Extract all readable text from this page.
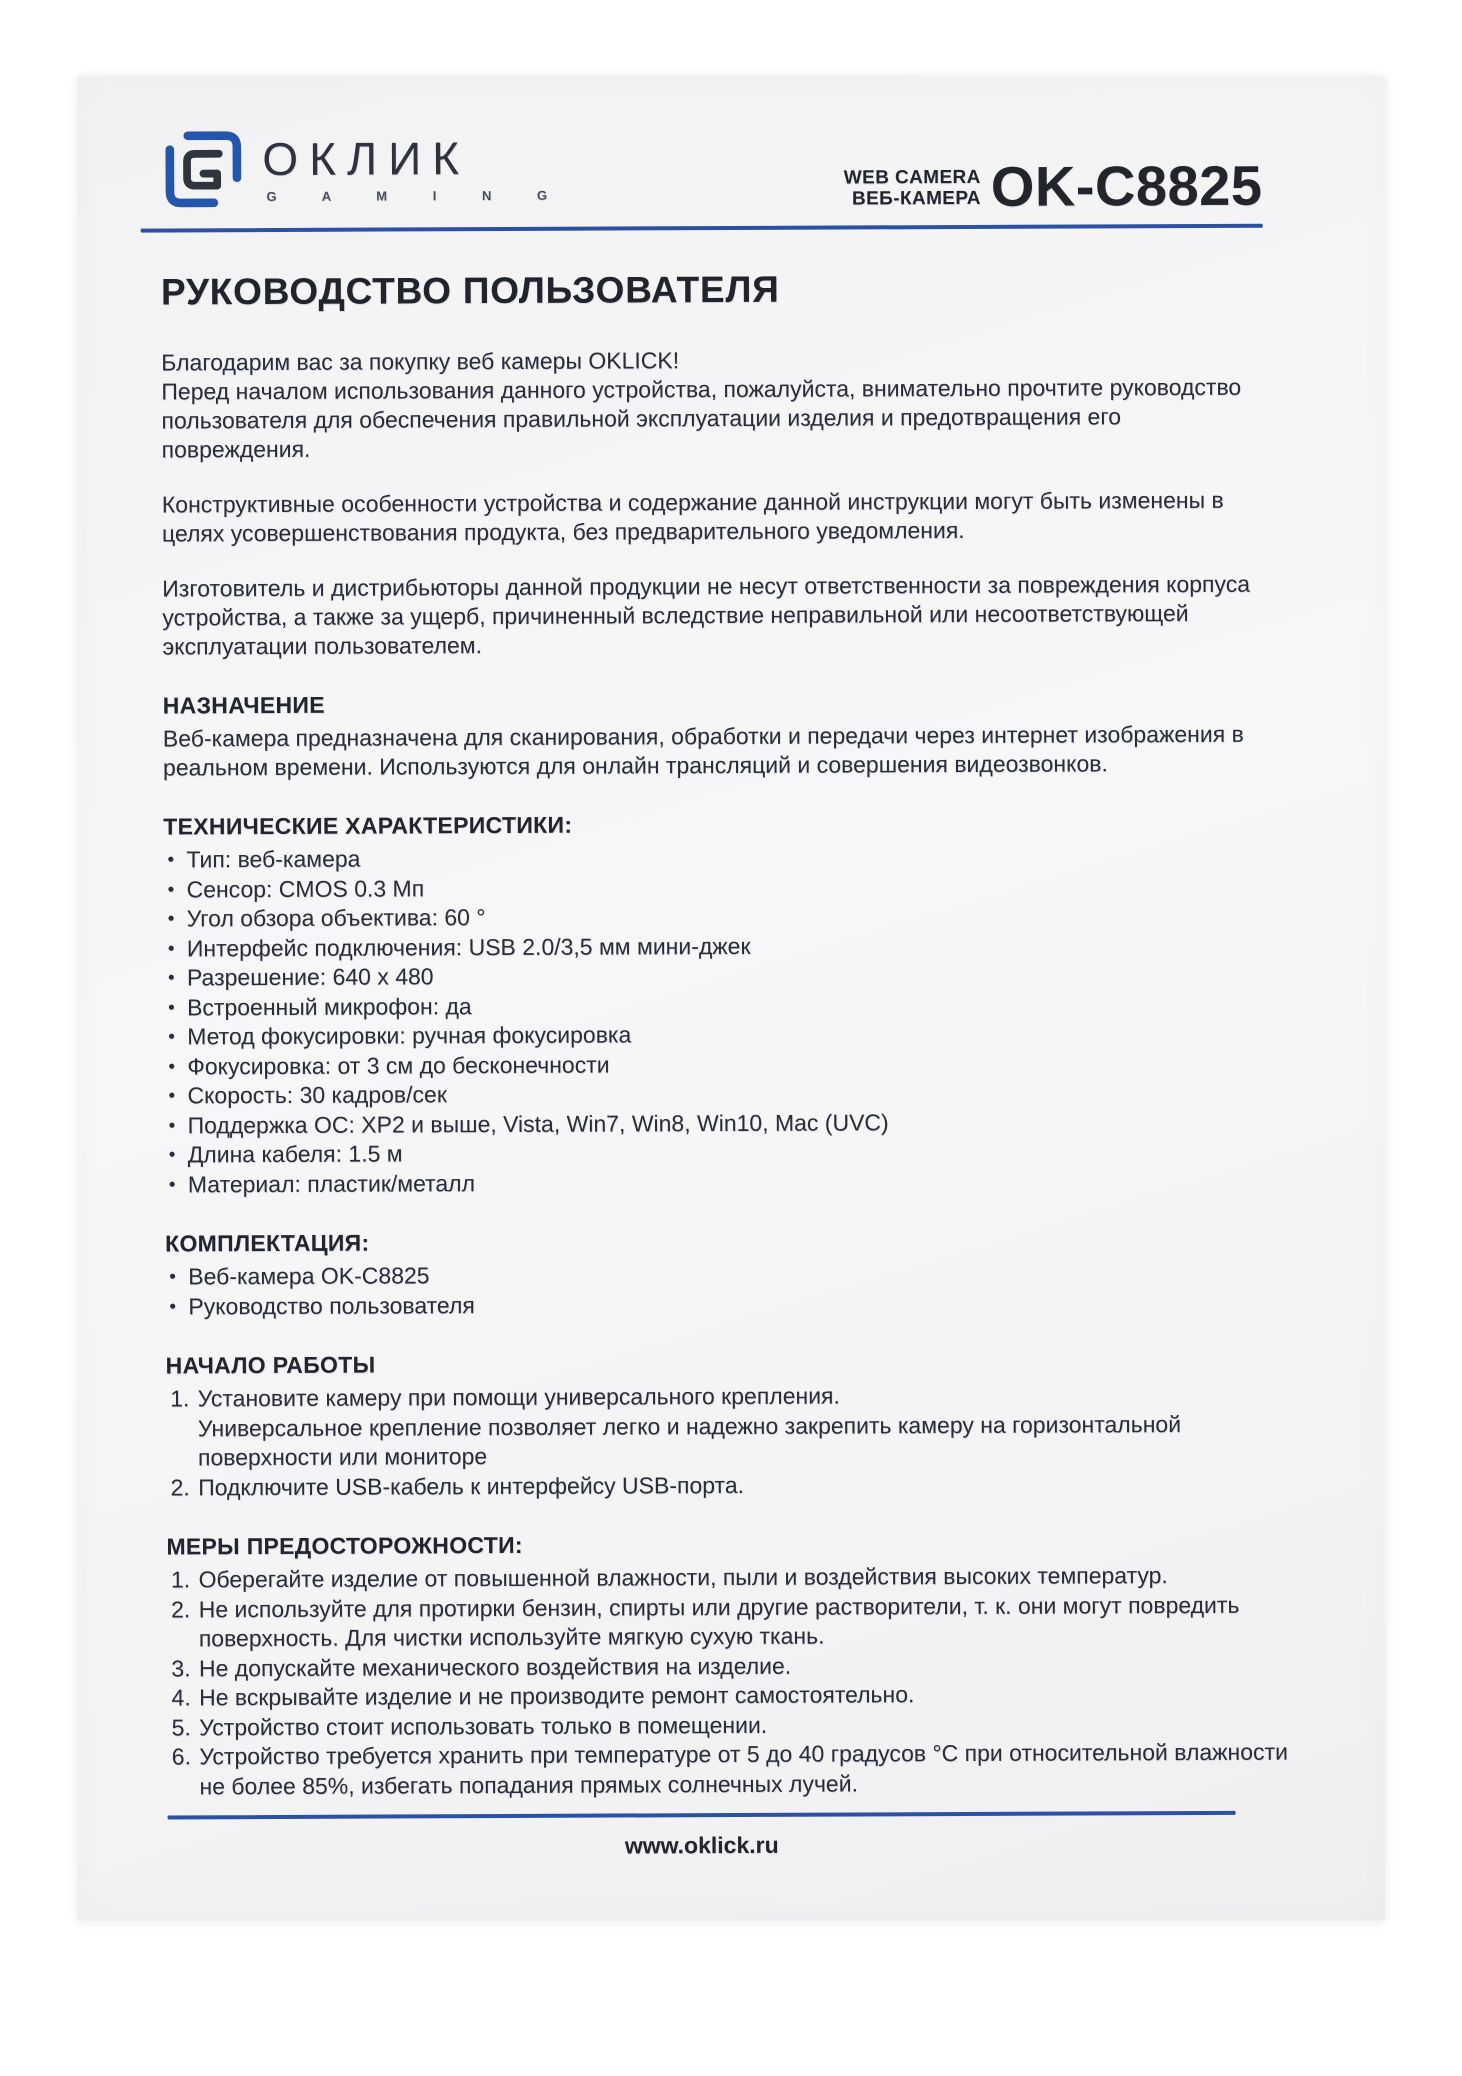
ОКЛИК
G A M I N G
WEB CAMERA
ВЕБ-КАМЕРА OK-C8825
РУКОВОДСТВО ПОЛЬЗОВАТЕЛЯ

Благодарим вас за покупку веб камеры OKLICK!
Перед началом использования данного устройства, пожалуйста, внимательно прочтите руководство пользователя для обеспечения правильной эксплуатации изделия и предотвращения его повреждения.

Конструктивные особенности устройства и содержание данной инструкции могут быть изменены в целях усовершенствования продукта, без предварительного уведомления.

Изготовитель и дистрибьюторы данной продукции не несут ответственности за повреждения корпуса устройства, а также за ущерб, причиненный вследствие неправильной или несоответствующей эксплуатации пользователем.

НАЗНАЧЕНИЕ

Веб-камера предназначена для сканирования, обработки и передачи через интернет изображения в реальном времени. Используются для онлайн трансляций и совершения видеозвонков.

ТЕХНИЧЕСКИЕ ХАРАКТЕРИСТИКИ:
• Тип: веб-камера
• Сенсор: CMOS 0.3 Мп
• Угол обзора объектива: 60 °
• Интерфейс подключения: USB 2.0/3,5 мм мини-джек
• Разрешение: 640 x 480
• Встроенный микрофон: да
• Метод фокусировки: ручная фокусировка
• Фокусировка: от 3 см до бесконечности
• Скорость: 30 кадров/сек
• Поддержка ОС: XP2 и выше, Vista, Win7, Win8, Win10, Mac (UVC)
• Длина кабеля: 1.5 м
• Материал: пластик/металл
КОМПЛЕКТАЦИЯ:
• Веб-камера OK-C8825
• Руководство пользователя
НАЧАЛО РАБОТЫ
1. Установите камеру при помощи универсального крепления.
Универсальное крепление позволяет легко и надежно закрепить камеру на горизонтальной поверхности или мониторе
2. Подключите USB-кабель к интерфейсу USB-порта.
МЕРЫ ПРЕДОСТОРОЖНОСТИ:
1. Оберегайте изделие от повышенной влажности, пыли и воздействия высоких температур.
2. Не используйте для протирки бензин, спирты или другие растворители, т. к. они могут повредить поверхность. Для чистки используйте мягкую сухую ткань.
3. Не допускайте механического воздействия на изделие.
4. Не вскрывайте изделие и не производите ремонт самостоятельно.
5. Устройство стоит использовать только в помещении.
6. Устройство требуется хранить при температуре от 5 до 40 градусов °C при относительной влажности не более 85%, избегать попадания прямых солнечных лучей.
www.oklick.ru
